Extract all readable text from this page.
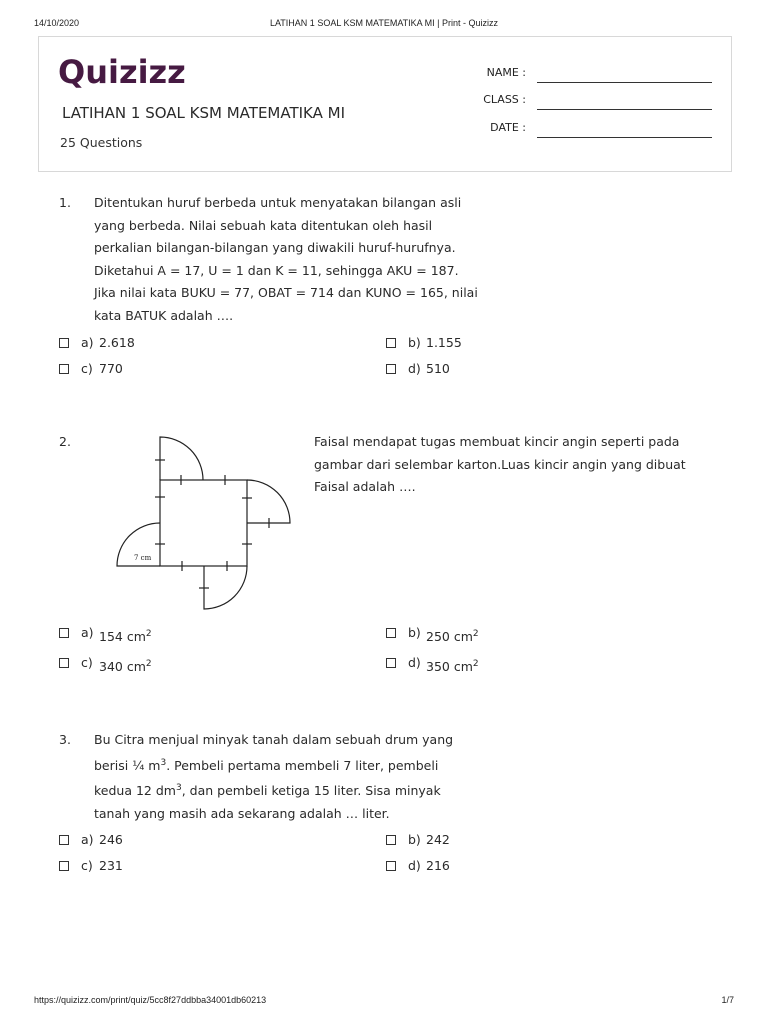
14/10/2020	LATIHAN 1 SOAL KSM MATEMATIKA MI | Print - Quizizz
Quizizz
LATIHAN 1 SOAL KSM MATEMATIKA MI
25 Questions
NAME :
CLASS :
DATE :
1. Ditentukan huruf berbeda untuk menyatakan bilangan asli
yang berbeda. Nilai sebuah kata ditentukan oleh hasil
perkalian bilangan-bilangan yang diwakili huruf-hurufnya.
Diketahui A = 17, U = 1 dan K = 11, sehingga AKU = 187.
Jika nilai kata BUKU = 77, OBAT = 714 dan KUNO = 165, nilai
kata BATUK adalah ….
a) 2.618	b) 1.155
c) 770	d) 510
2.
7 cm
Faisal mendapat tugas membuat kincir angin seperti pada
gambar dari selembar karton.Luas kincir angin yang dibuat
Faisal adalah ….
a) 154 $cm^2$	b) 250 $cm^2$
c) 340 $cm^2$	d) 350 $cm^2$
3. Bu Citra menjual minyak tanah dalam sebuah drum yang
berisi ¼ $m^3$. Pembeli pertama membeli 7 liter, pembeli
kedua 12 $dm^3$, dan pembeli ketiga 15 liter. Sisa minyak
tanah yang masih ada sekarang adalah … liter.
a) 246	b) 242
c) 231	d) 216
https://quizizz.com/print/quiz/5cc8f27ddbba34001db60213	1/7
